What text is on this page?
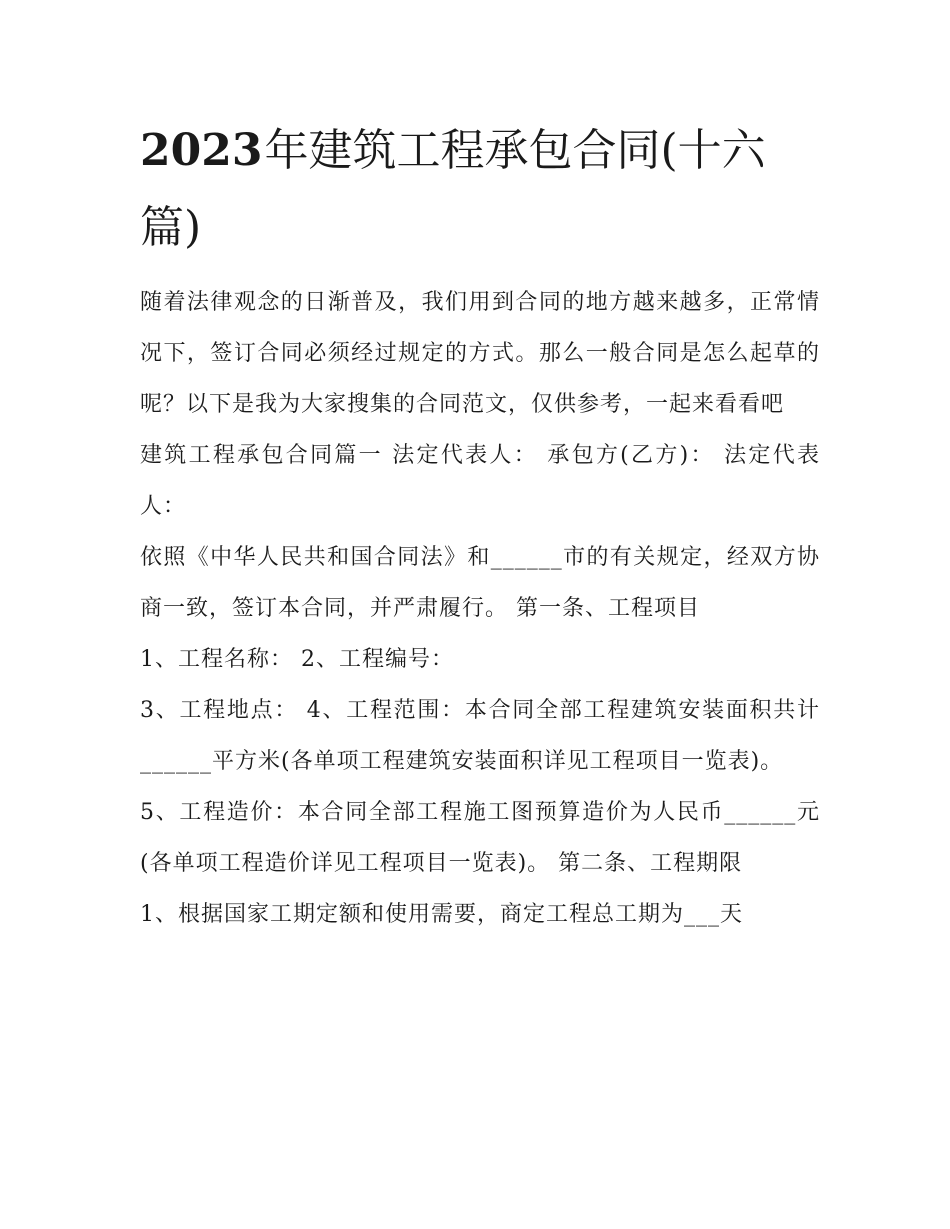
2023年建筑工程承包合同(十六篇)

随着法律观念的日渐普及，我们用到合同的地方越来越多，正常情况下，签订合同必须经过规定的方式。那么一般合同是怎么起草的呢？以下是我为大家搜集的合同范文，仅供参考，一起来看看吧

建筑工程承包合同篇一 法定代表人： 承包方(乙方)： 法定代表人：

依照《中华人民共和国合同法》和______市的有关规定，经双方协商一致，签订本合同，并严肃履行。 第一条、工程项目

1、工程名称： 2、工程编号：

3、工程地点： 4、工程范围：本合同全部工程建筑安装面积共计______平方米(各单项工程建筑安装面积详见工程项目一览表)。

5、工程造价：本合同全部工程施工图预算造价为人民币______元(各单项工程造价详见工程项目一览表)。 第二条、工程期限

1、根据国家工期定额和使用需要，商定工程总工期为___天
